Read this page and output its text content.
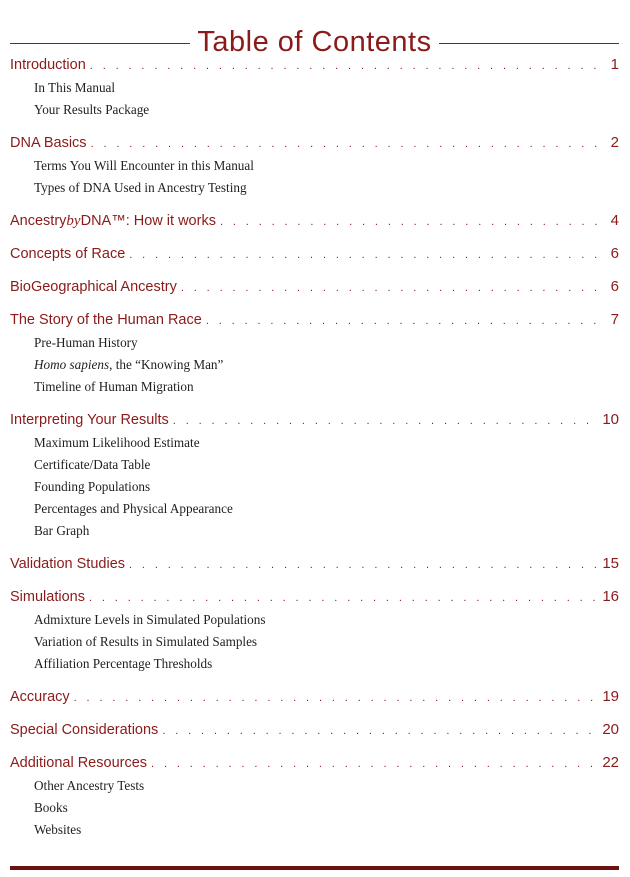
Table of Contents
Introduction . . .	1
In This Manual
Your Results Package
DNA Basics . . .	2
Terms You Will Encounter in this Manual
Types of DNA Used in Ancestry Testing
AncestrybyDNA™: How it works . . .	4
Concepts of Race . . .	6
BioGeographical Ancestry . . .	6
The Story of the Human Race . . .	7
Pre-Human History
Homo sapiens, the “Knowing Man”
Timeline of Human Migration
Interpreting Your Results . . .	10
Maximum Likelihood Estimate
Certificate/Data Table
Founding Populations
Percentages and Physical Appearance
Bar Graph
Validation Studies . . .	15
Simulations . . .	16
Admixture Levels in Simulated Populations
Variation of Results in Simulated Samples
Affiliation Percentage Thresholds
Accuracy . . .	19
Special Considerations . . .	20
Additional Resources . . .	22
Other Ancestry Tests
Books
Websites
